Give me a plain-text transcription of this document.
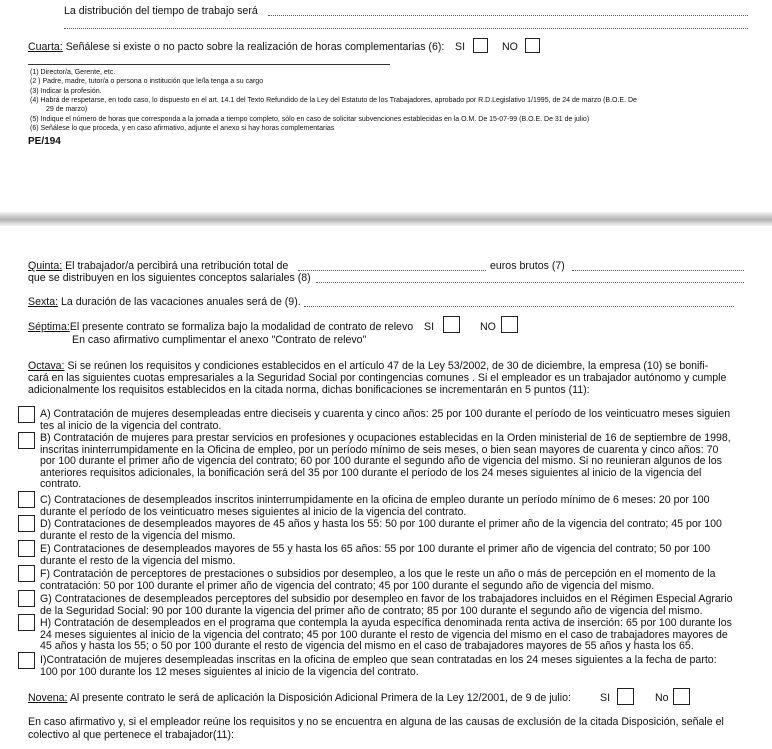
La distribución del tiempo de trabajo será
Cuarta: Señálese si existe o no pacto sobre la realización de horas complementarias (6): SI	NO
(1) Director/a, Gerente, etc.
(2 ) Padre, madre, tutor/a o persona o institución que le/la tenga a su cargo
(3) Indicar la profesión.
(4) Habrá de respetarse, en todo caso, lo dispuesto en el art. 14.1 del Texto Refundido de la Ley del Estatuto de los Trabajadores, aprobado por R.D.Legislativo 1/1995, de 24 de marzo (B.O.E. De
29 de marzo)
(5) Indique el número de horas que corresponda a la jornada a tiempo completo, sólo en caso de solicitar subvenciones establecidas en la O.M. De 15-07-99 (B.O.E. De 31 de julio)
(6) Señálese lo que proceda, y en caso afirmativo, adjunte el anexo si hay horas complementarias
PE/194
Quinta: El trabajador/a percibirá una retribución total de	euros brutos (7)
que se distribuyen en los siguientes conceptos salariales (8)
Sexta: La duración de las vacaciones anuales será de (9).
Séptima:El presente contrato se formaliza bajo la modalidad de contrato de relevo SI	NO
En caso afirmativo cumplimentar el anexo "Contrato de relevo"
Octava: Si se reúnen los requisitos y condiciones establecidos en el artículo 47 de la Ley 53/2002, de 30 de diciembre, la empresa (10) se bonifi-
cará en las siguientes cuotas empresariales a la Seguridad Social por contingencias comunes . Si el empleador es un trabajador autónomo y cumple
adicionalmente los requisitos establecidos en la citada norma, dichas bonificaciones se incrementarán en 5 puntos (11):
A) Contratación de mujeres desempleadas entre dieciseis y cuarenta y cinco años: 25 por 100 durante el período de los veinticuatro meses siguien
tes al inicio de la vigencia del contrato.
B) Contratación de mujeres para prestar servicios en profesiones y ocupaciones establecidas en la Orden ministerial de 16 de septiembre de 1998,
inscritas ininterrumpidamente en la Oficina de empleo, por un período mínimo de seis meses, o bien sean mayores de cuarenta y cinco años: 70
por 100 durante el primer año de vigencia del contrato; 60 por 100 durante el segundo año de vigencia del mismo. Si no reunieran algunos de los
anteriores requisitos adicionales, la bonificación será del 35 por 100 durante el período de los 24 meses siguientes al inicio de la vigencia del
contrato.
C) Contrataciones de desempleados inscritos ininterrumpidamente en la oficina de empleo durante un período mínimo de 6 meses: 20 por 100
durante el período de los veinticuatro meses siguientes al inicio de la vigencia del contrato.
D) Contrataciones de desempleados mayores de 45 años y hasta los 55: 50 por 100 durante el primer año de la vigencia del contrato; 45 por 100
durante el resto de la vigencia del mismo.
E) Contrataciones de desempleados mayores de 55 y hasta los 65 años: 55 por 100 durante el primer año de vigencia del contrato; 50 por 100
durante el resto de la vigencia del mismo.
F) Contratación de perceptores de prestaciones o subsidios por desempleo, a los que le reste un año o más de percepción en el momento de la
contratación: 50 por 100 durante el primer año de vigencia del contrato; 45 por 100 durante el segundo año de vigencia del mismo.
G) Contrataciones de desempleados perceptores del subsidio por desempleo en favor de los trabajadores incluidos en el Régimen Especial Agrario
de la Seguridad Social: 90 por 100 durante la vigencia del primer año de contrato; 85 por 100 durante el segundo año de vigencia del mismo.
H) Contratación de desempleados en el programa que contempla la ayuda específica denominada renta activa de inserción: 65 por 100 durante los
24 meses siguientes al inicio de la vigencia del contrato; 45 por 100 durante el resto de vigencia del mismo en el caso de trabajadores mayores de
45 años y hasta los 55; o 50 por 100 durante el resto de vigencia del mismo en el caso de trabajadores mayores de 55 años y hasta los 65.
I)Contratación de mujeres desempleadas inscritas en la oficina de empleo que sean contratadas en los 24 meses siguientes a la fecha de parto:
100 por 100 durante los 12 meses siguientes al inicio de la vigencia del contrato.
Novena: Al presente contrato le será de aplicación la Disposición Adicional Primera de la Ley 12/2001, de 9 de julio:	SI	No
En caso afirmativo y, si el empleador reúne los requisitos y no se encuentra en alguna de las causas de exclusión de la citada Disposición, señale el
colectivo al que pertenece el trabajador(11):
